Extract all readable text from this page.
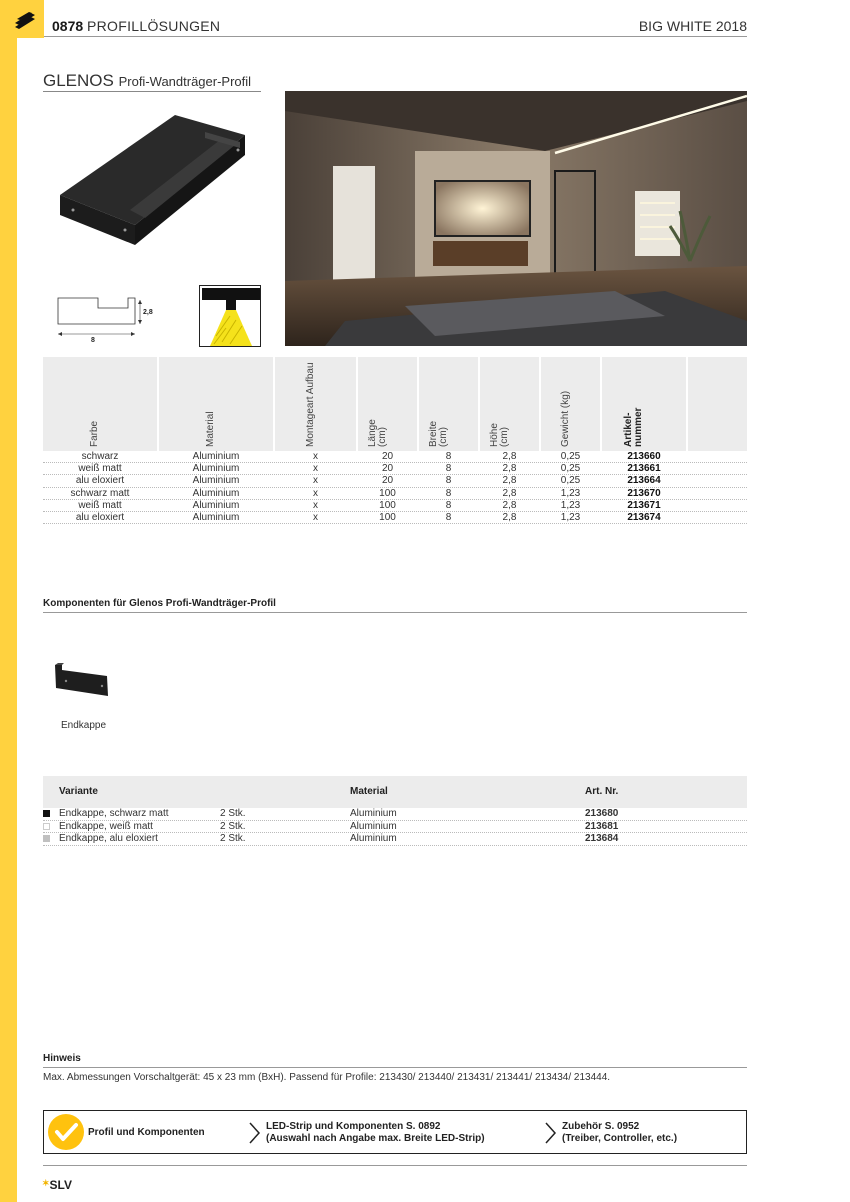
0878 PROFILLÖSUNGEN	BIG WHITE 2018
GLENOS Profi-Wandträger-Profil
8
2,8
Farbe	Material	Montageart Aufbau	Länge (cm)	Breite (cm)	Höhe (cm)	Gewicht (kg)	Artikel- nummer
schwarz	Aluminium	x	20	8	2,8	0,25	213660
weiß matt	Aluminium	x	20	8	2,8	0,25	213661
alu eloxiert	Aluminium	x	20	8	2,8	0,25	213664
schwarz matt	Aluminium	x	100	8	2,8	1,23	213670
weiß matt	Aluminium	x	100	8	2,8	1,23	213671
alu eloxiert	Aluminium	x	100	8	2,8	1,23	213674
Komponenten für Glenos Profi-Wandträger-Profil
Endkappe
Variante	Material	Art. Nr.
Endkappe, schwarz matt	2 Stk.	Aluminium	213680
Endkappe, weiß matt	2 Stk.	Aluminium	213681
Endkappe, alu eloxiert	2 Stk.	Aluminium	213684
Hinweis
Max. Abmessungen Vorschaltgerät: 45 x 23 mm (BxH). Passend für Profile: 213430/ 213440/ 213431/ 213441/ 213434/ 213444.
Profil und Komponenten
LED-Strip und Komponenten S. 0892
(Auswahl nach Angabe max. Breite LED-Strip)
Zubehör S. 0952
(Treiber, Controller, etc.)
✶SLV
